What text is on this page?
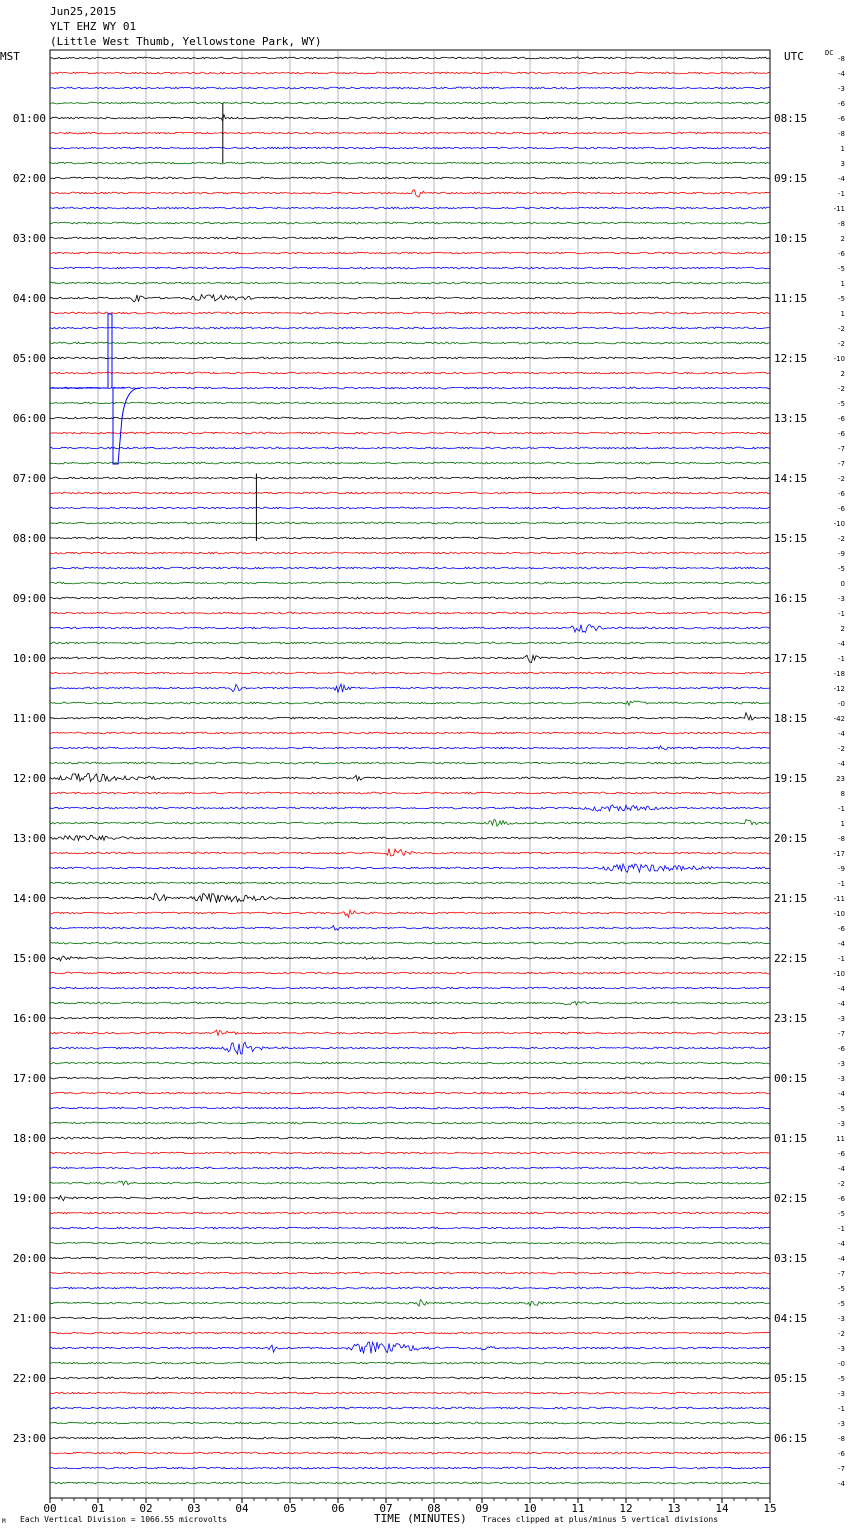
Jun25,2015
YLT EHZ WY 01
(Little West Thumb, Yellowstone Park, WY)
MST	UTC	DC
00	01	02	03	04	05	06	07	08	09	10	11	12	13	14	15
-8
-4
-3
-6
-6
-8
1
3
-4
-1
-11
-8
2
-6
-5
1
-5
1
-2
-2
-10
2
-2
-5
-6
-6
-7
-7
-2
-6
-6
-10
-2
-9
-5
0
-3
-1
2
-4
-1
-18
-12
-0
-42
-4
-2
-4
23
8
-1
1
-8
-17
-9
-1
-11
-10
-6
-4
-1
-10
-4
-4
-3
-7
-6
-3
-3
-4
-5
-3
11
-6
-4
-2
-6
-5
-1
-4
-4
-7
-5
-5
-3
-2
-3
-0
-5
-3
-1
-3
-8
-6
-7
-4
01:00
02:00
03:00
04:00
05:00
06:00
07:00
08:00
09:00
10:00
11:00
12:00
13:00
14:00
15:00
16:00
17:00
18:00
19:00
20:00
21:00
22:00
23:00
08:15
09:15
10:15
11:15
12:15
13:15
14:15
15:15
16:15
17:15
18:15
19:15
20:15
21:15
22:15
23:15
00:15
01:15
02:15
03:15
04:15
05:15
06:15
M Each Vertical Division = 1066.55 microvolts	TIME (MINUTES) Traces clipped at plus/minus 5 vertical divisions
